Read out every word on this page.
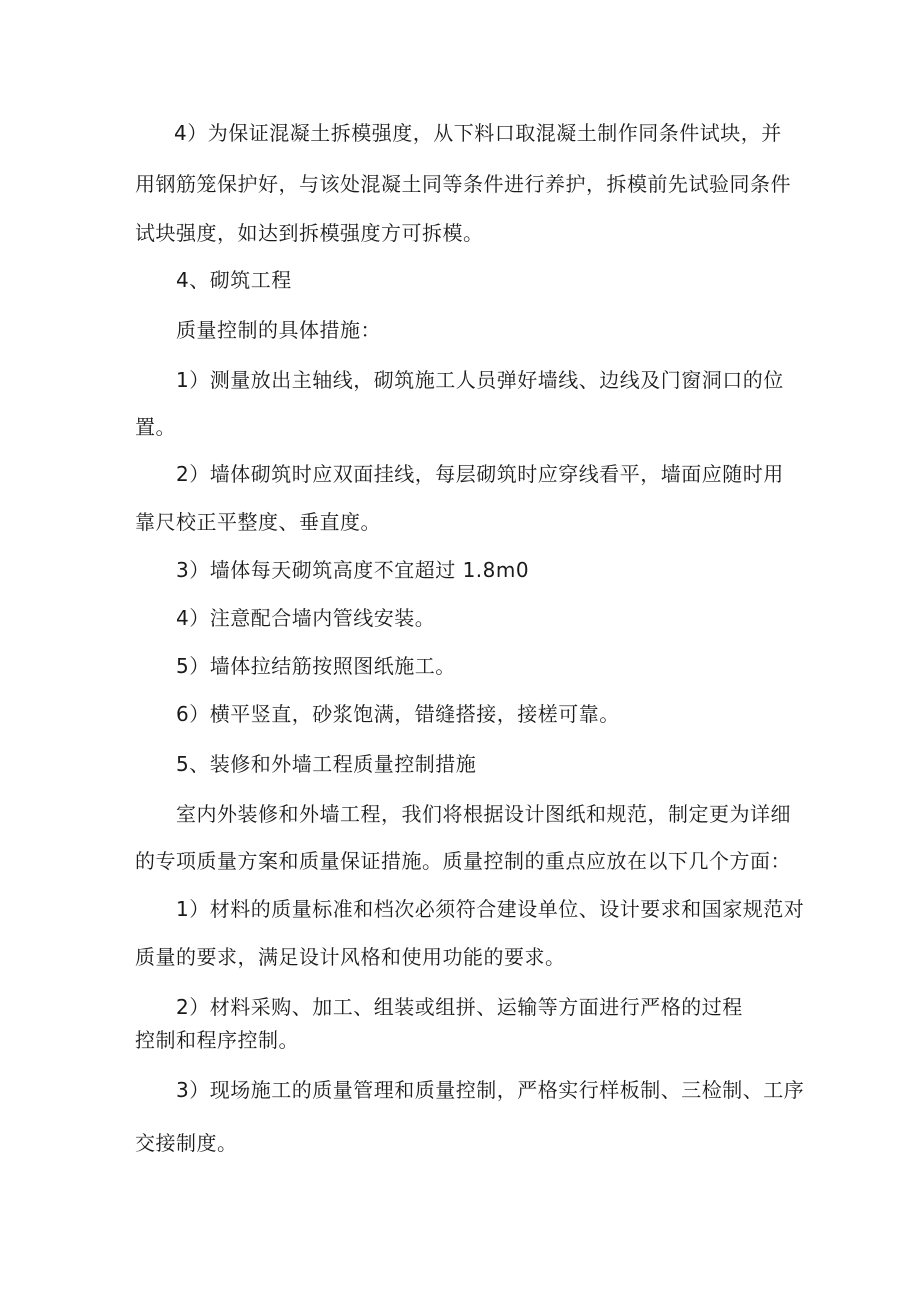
4）为保证混凝土拆模强度，从下料口取混凝土制作同条件试块，并
用钢筋笼保护好，与该处混凝土同等条件进行养护，拆模前先试验同条件
试块强度，如达到拆模强度方可拆模。
4、砌筑工程
质量控制的具体措施：
1）测量放出主轴线，砌筑施工人员弹好墙线、边线及门窗洞口的位
置。
2）墙体砌筑时应双面挂线，每层砌筑时应穿线看平，墙面应随时用
靠尺校正平整度、垂直度。
3）墙体每天砌筑高度不宜超过 1.8m0
4）注意配合墙内管线安装。
5）墙体拉结筋按照图纸施工。
6）横平竖直，砂浆饱满，错缝搭接，接槎可靠。
5、装修和外墙工程质量控制措施
室内外装修和外墙工程，我们将根据设计图纸和规范，制定更为详细
的专项质量方案和质量保证措施。质量控制的重点应放在以下几个方面：
1）材料的质量标准和档次必须符合建设单位、设计要求和国家规范对
质量的要求，满足设计风格和使用功能的要求。
2）材料采购、加工、组装或组拼、运输等方面进行严格的过程
控制和程序控制。
3）现场施工的质量管理和质量控制，严格实行样板制、三检制、工序
交接制度。
